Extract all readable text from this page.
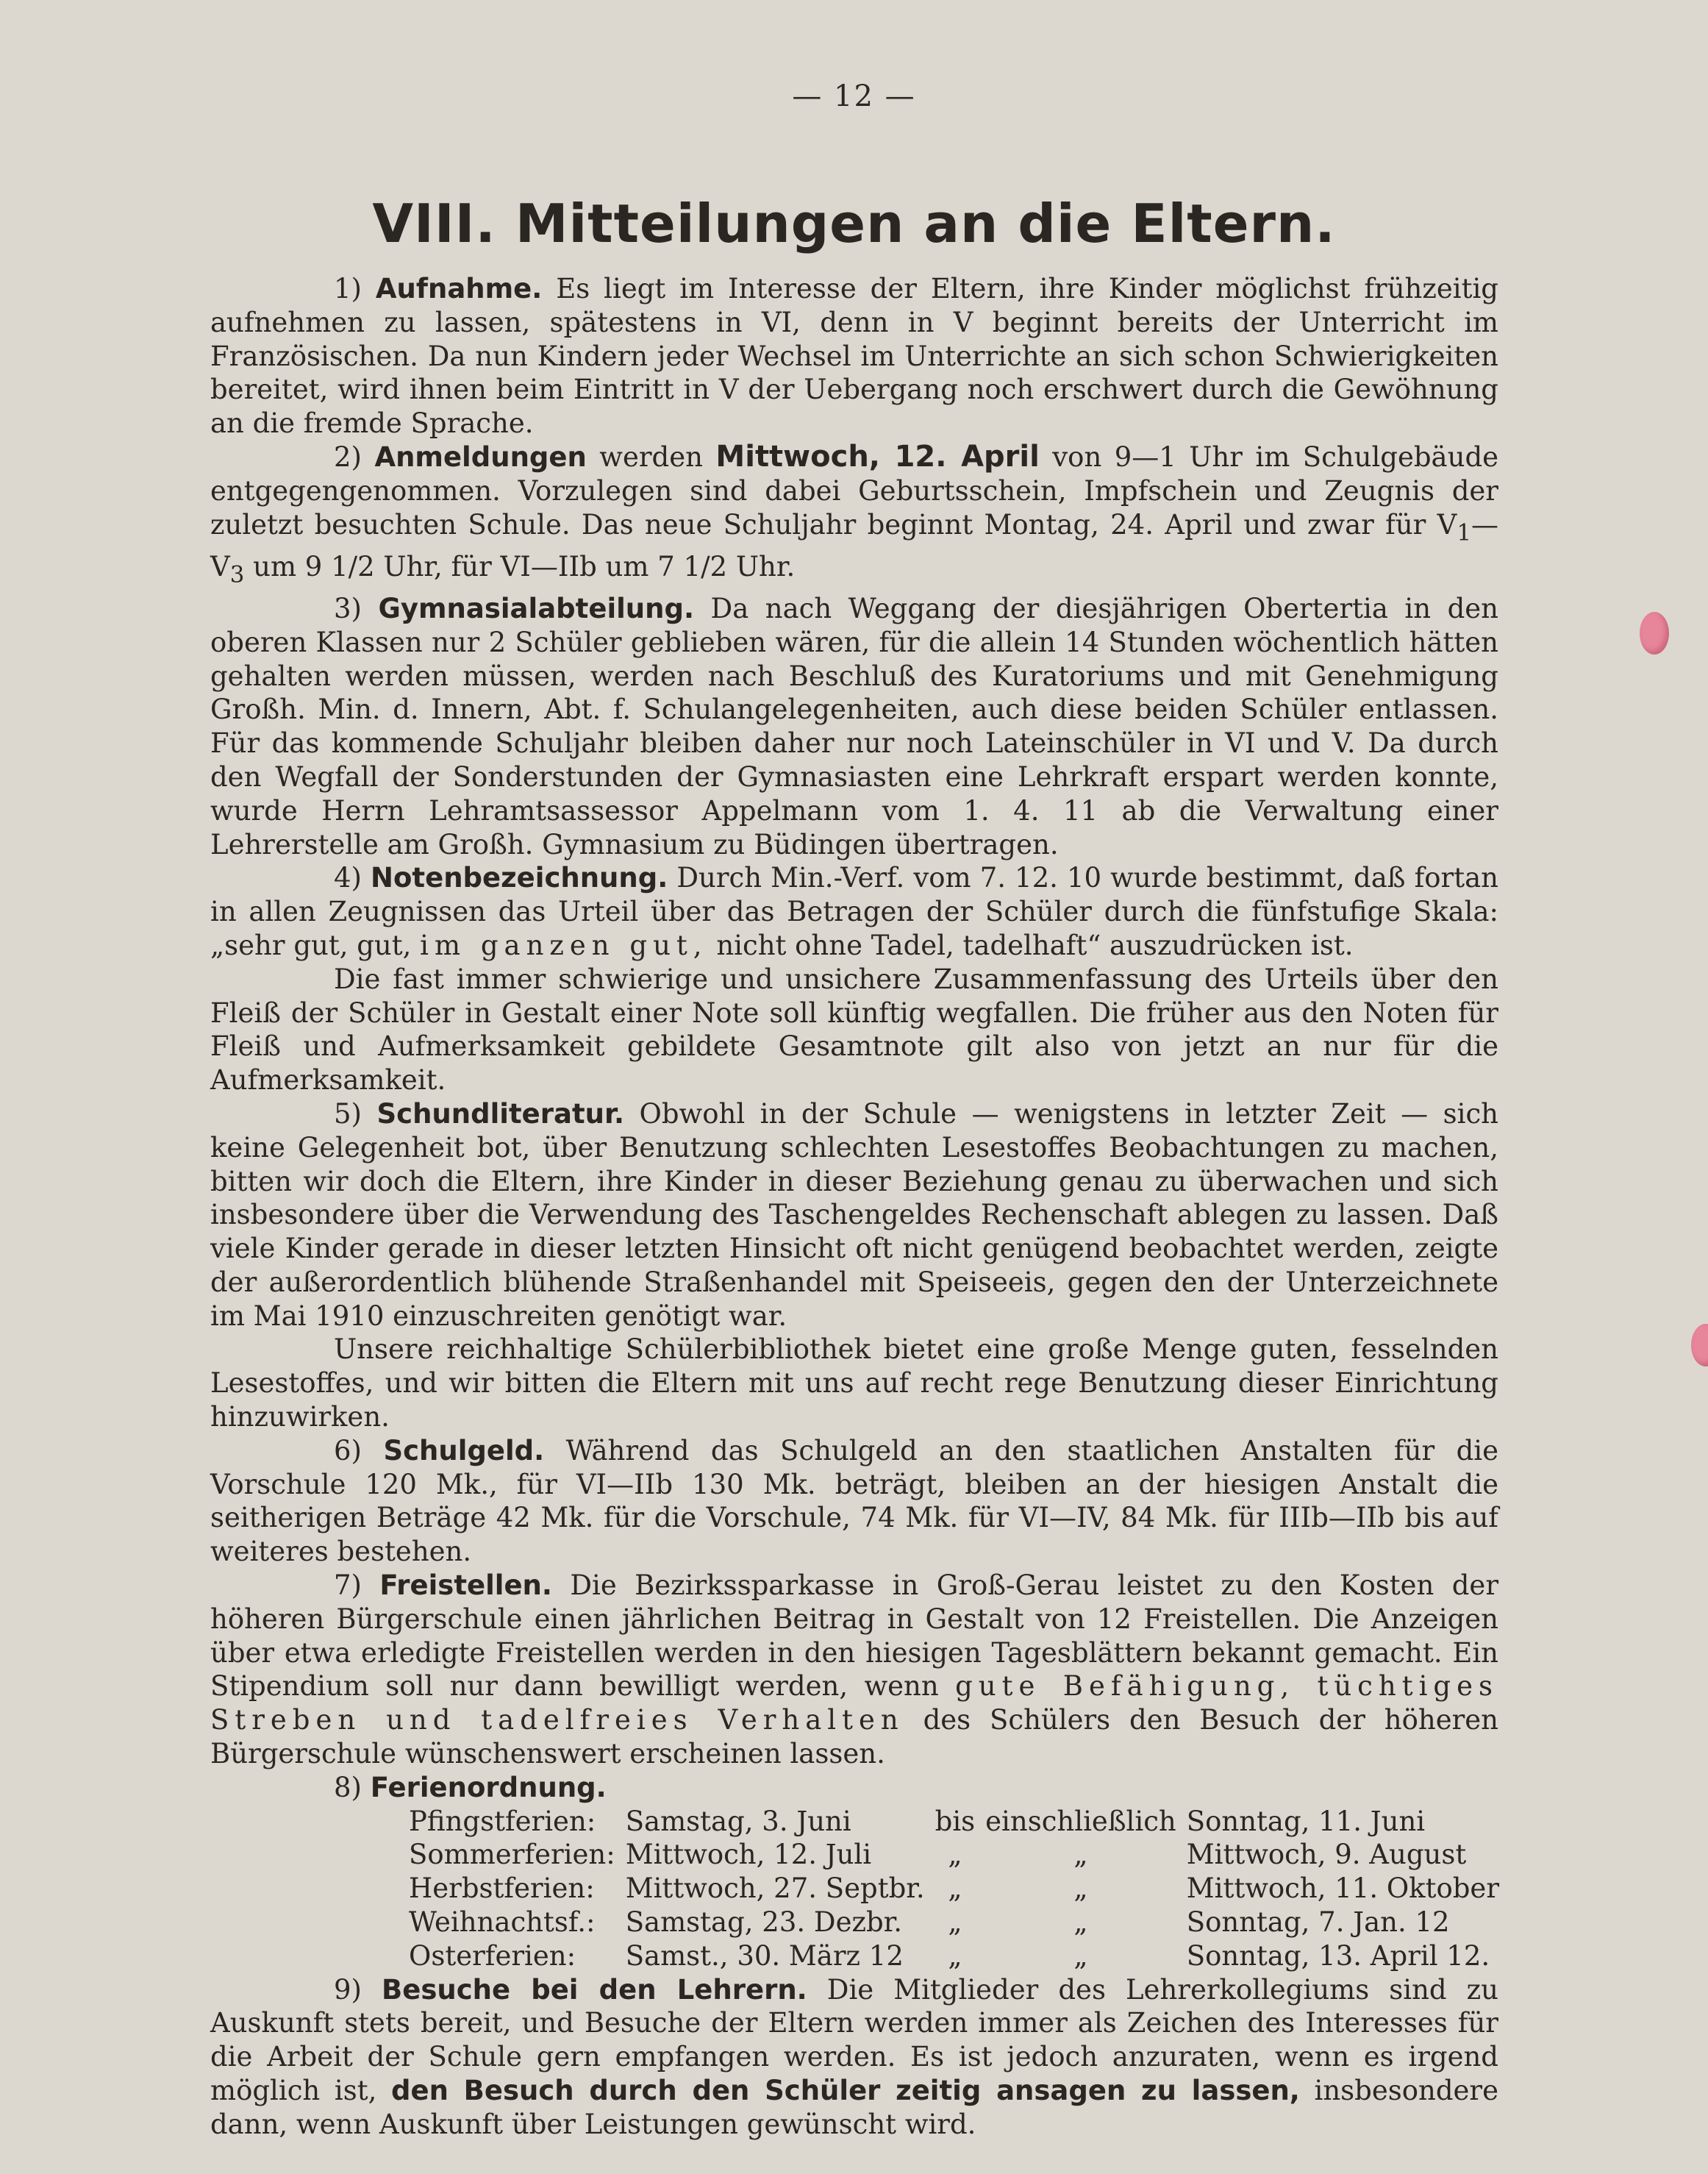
— 12 —
VIII. Mitteilungen an die Eltern.

1) Aufnahme. Es liegt im Interesse der Eltern, ihre Kinder möglichst frühzeitig aufnehmen zu lassen, spätestens in VI, denn in V beginnt bereits der Unterricht im Französischen. Da nun Kindern jeder Wechsel im Unterrichte an sich schon Schwierigkeiten bereitet, wird ihnen beim Eintritt in V der Uebergang noch erschwert durch die Gewöhnung an die fremde Sprache.

2) Anmeldungen werden Mittwoch, 12. April von 9—1 Uhr im Schulgebäude entgegengenommen. Vorzulegen sind dabei Geburtsschein, Impfschein und Zeugnis der zuletzt besuchten Schule. Das neue Schuljahr beginnt Montag, 24. April und zwar für $V_1—V_3$ um 9 1/2 Uhr, für VI—IIb um 7 1/2 Uhr.

3) Gymnasialabteilung. Da nach Weggang der diesjährigen Obertertia in den oberen Klassen nur 2 Schüler geblieben wären, für die allein 14 Stunden wöchentlich hätten gehalten werden müssen, werden nach Beschluß des Kuratoriums und mit Genehmigung Großh. Min. d. Innern, Abt. f. Schulangelegenheiten, auch diese beiden Schüler entlassen. Für das kommende Schuljahr bleiben daher nur noch Lateinschüler in VI und V. Da durch den Wegfall der Sonderstunden der Gymnasiasten eine Lehrkraft erspart werden konnte, wurde Herrn Lehramtsassessor Appelmann vom 1. 4. 11 ab die Verwaltung einer Lehrerstelle am Großh. Gymnasium zu Büdingen übertragen.

4) Notenbezeichnung. Durch Min.-Verf. vom 7. 12. 10 wurde bestimmt, daß fortan in allen Zeugnissen das Urteil über das Betragen der Schüler durch die fünfstufige Skala: „sehr gut, gut, im ganzen gut, nicht ohne Tadel, tadelhaft“ auszudrücken ist.

Die fast immer schwierige und unsichere Zusammenfassung des Urteils über den Fleiß der Schüler in Gestalt einer Note soll künftig wegfallen. Die früher aus den Noten für Fleiß und Aufmerksamkeit gebildete Gesamtnote gilt also von jetzt an nur für die Aufmerksamkeit.

5) Schundliteratur. Obwohl in der Schule — wenigstens in letzter Zeit — sich keine Gelegenheit bot, über Benutzung schlechten Lesestoffes Beobachtungen zu machen, bitten wir doch die Eltern, ihre Kinder in dieser Beziehung genau zu überwachen und sich insbesondere über die Verwendung des Taschengeldes Rechenschaft ablegen zu lassen. Daß viele Kinder gerade in dieser letzten Hinsicht oft nicht genügend beobachtet werden, zeigte der außerordentlich blühende Straßenhandel mit Speiseeis, gegen den der Unterzeichnete im Mai 1910 einzuschreiten genötigt war.

Unsere reichhaltige Schülerbibliothek bietet eine große Menge guten, fesselnden Lesestoffes, und wir bitten die Eltern mit uns auf recht rege Benutzung dieser Einrichtung hinzuwirken.

6) Schulgeld. Während das Schulgeld an den staatlichen Anstalten für die Vorschule 120 Mk., für VI—IIb 130 Mk. beträgt, bleiben an der hiesigen Anstalt die seitherigen Beträge 42 Mk. für die Vorschule, 74 Mk. für VI—IV, 84 Mk. für IIIb—IIb bis auf weiteres bestehen.

7) Freistellen. Die Bezirkssparkasse in Groß-Gerau leistet zu den Kosten der höheren Bürgerschule einen jährlichen Beitrag in Gestalt von 12 Freistellen. Die Anzeigen über etwa erledigte Freistellen werden in den hiesigen Tagesblättern bekannt gemacht. Ein Stipendium soll nur dann bewilligt werden, wenn gute Befähigung, tüchtiges Streben und tadelfreies Verhalten des Schülers den Besuch der höheren Bürgerschule wünschenswert erscheinen lassen.

8) Ferienordnung.

Pfingstferien:	Samstag, 3. Juni	bis	einschließlich	Sonntag, 11. Juni
Sommerferien:	Mittwoch, 12. Juli	„	„	Mittwoch, 9. August
Herbstferien:	Mittwoch, 27. Septbr.	„	„	Mittwoch, 11. Oktober
Weihnachtsf.:	Samstag, 23. Dezbr.	„	„	Sonntag, 7. Jan. 12
Osterferien:	Samst., 30. März 12	„	„	Sonntag, 13. April 12.

9) Besuche bei den Lehrern. Die Mitglieder des Lehrerkollegiums sind zu Auskunft stets bereit, und Besuche der Eltern werden immer als Zeichen des Interesses für die Arbeit der Schule gern empfangen werden. Es ist jedoch anzuraten, wenn es irgend möglich ist, den Besuch durch den Schüler zeitig ansagen zu lassen, insbesondere dann, wenn Auskunft über Leistungen gewünscht wird.
